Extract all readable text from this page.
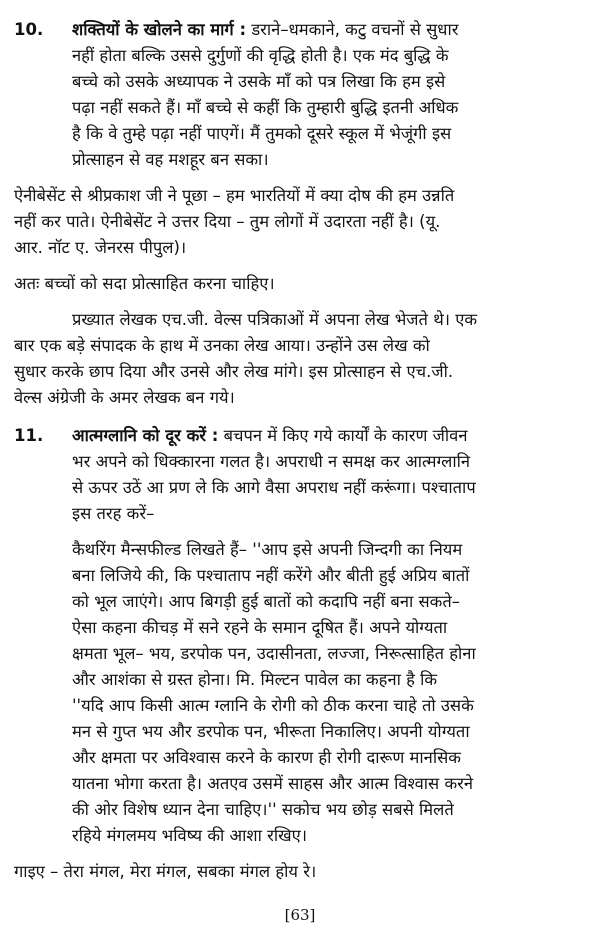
10. शक्तियों के खोलने का मार्ग : डराने–धमकाने, कटु वचनों से सुधार
नहीं होता बल्कि उससे दुर्गुणों की वृद्धि होती है। एक मंद बुद्धि के
बच्चे को उसके अध्यापक ने उसके माँ को पत्र लिखा कि हम इसे
पढ़ा नहीं सकते हैं। माँ बच्चे से कहीं कि तुम्हारी बुद्धि इतनी अधिक
है कि वे तुम्हे पढ़ा नहीं पाएगें। मैं तुमको दूसरे स्कूल में भेजूंगी इस
प्रोत्साहन से वह मशहूर बन सका।
ऐनीबेसेंट से श्रीप्रकाश जी ने पूछा – हम भारतियों में क्या दोष की हम उन्नति
नहीं कर पाते। ऐनीबेसेंट ने उत्तर दिया – तुम लोगों में उदारता नहीं है। (यू.
आर. नॉट ए. जेनरस पीपुल)।
अतः बच्चों को सदा प्रोत्साहित करना चाहिए।
प्रख्यात लेखक एच.जी. वेल्स पत्रिकाओं में अपना लेख भेजते थे। एक
बार एक बड़े संपादक के हाथ में उनका लेख आया। उन्होंने उस लेख को
सुधार करके छाप दिया और उनसे और लेख मांगे। इस प्रोत्साहन से एच.जी.
वेल्स अंग्रेजी के अमर लेखक बन गये।
11. आत्मग्लानि को दूर करें : बचपन में किए गये कार्यों के कारण जीवन
भर अपने को धिक्कारना गलत है। अपराधी न समक्ष कर आत्मग्लानि
से ऊपर उठें आ प्रण ले कि आगे वैसा अपराध नहीं करूंगा। पश्चाताप
इस तरह करें–
कैथरिंग मैन्सफील्ड लिखते हैं– ''आप इसे अपनी जिन्दगी का नियम
बना लिजिये की, कि पश्चाताप नहीं करेंगे और बीती हुई अप्रिय बातों
को भूल जाएंगे। आप बिगड़ी हुई बातों को कदापि नहीं बना सकते–
ऐसा कहना कीचड़ में सने रहने के समान दूषित हैं। अपने योग्यता
क्षमता भूल– भय, डरपोक पन, उदासीनता, लज्जा, निरूत्साहित होना
और आशंका से ग्रस्त होना। मि. मिल्टन पावेल का कहना है कि
''यदि आप किसी आत्म ग्लानि के रोगी को ठीक करना चाहे तो उसके
मन से गुप्त भय और डरपोक पन, भीरूता निकालिए। अपनी योग्यता
और क्षमता पर अविश्वास करने के कारण ही रोगी दारूण मानसिक
यातना भोगा करता है। अतएव उसमें साहस और आत्म विश्वास करने
की ओर विशेष ध्यान देना चाहिए।'' सकोच भय छोड़ सबसे मिलते
रहिये मंगलमय भविष्य की आशा रखिए।
गाइए – तेरा मंगल, मेरा मंगल, सबका मंगल होय रे।
[63]
